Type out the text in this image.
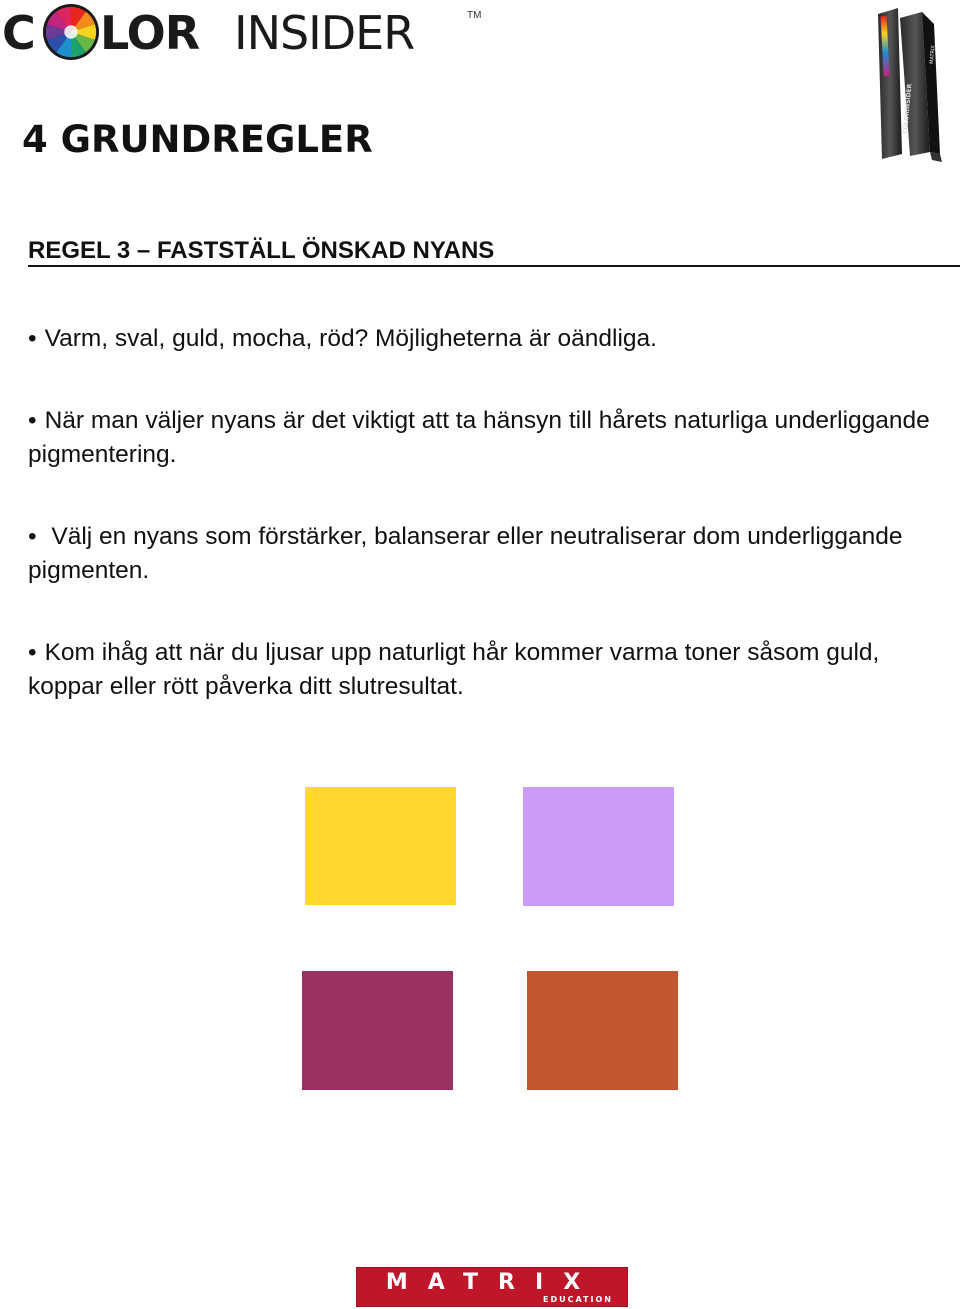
C LOR INSIDER	TM
COLORINSIDER
MATRIX
4 GRUNDREGLER
REGEL 3 – FASTSTÄLL ÖNSKAD NYANS

• Varm, sval, guld, mocha, röd? Möjligheterna är oändliga.

• När man väljer nyans är det viktigt att ta hänsyn till hårets naturliga underliggande pigmentering.

• Välj en nyans som förstärker, balanserar eller neutraliserar dom underliggande pigmenten.

• Kom ihåg att när du ljusar upp naturligt hår kommer varma toner såsom guld, koppar eller rött påverka ditt slutresultat.

MATRIX
EDUCATION
